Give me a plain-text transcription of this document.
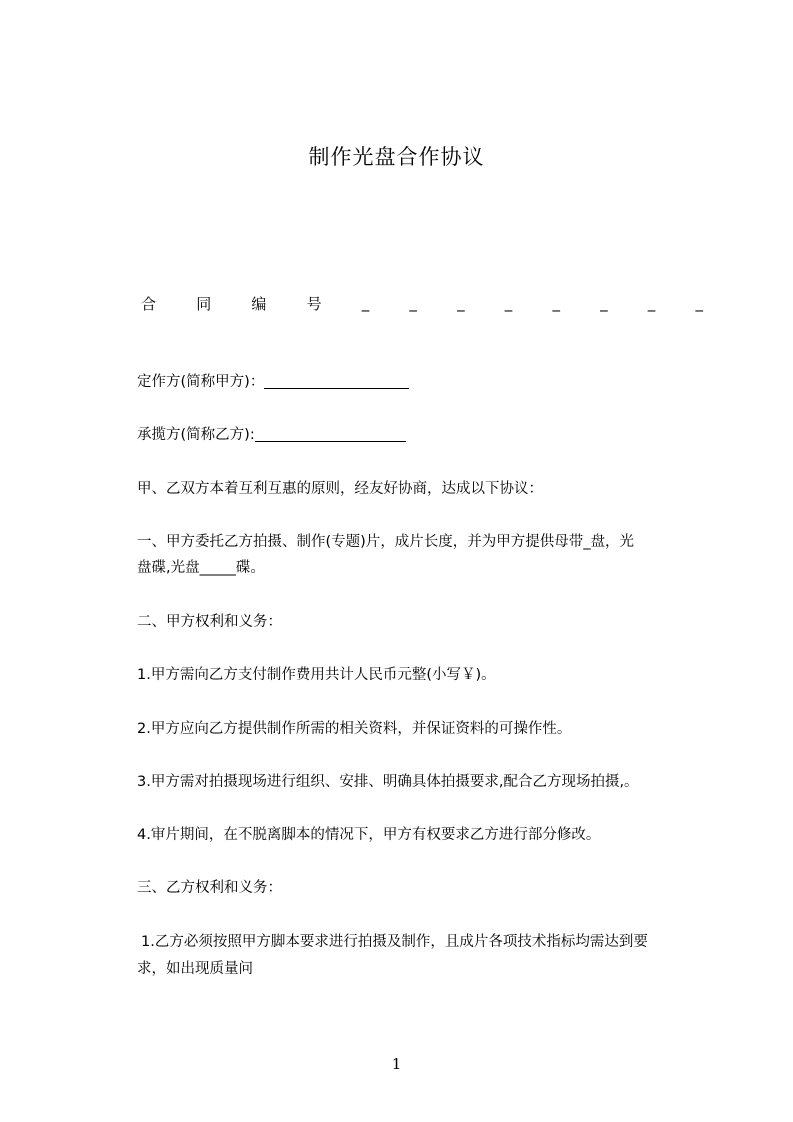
制作光盘合作协议
合	同	编	号	_	_	_	_	_	_	_	_
定作方(简称甲方)：
承揽方(简称乙方):
甲、乙双方本着互利互惠的原则，经友好协商，达成以下协议：
一、甲方委托乙方拍摄、制作(专题)片，成片长度，并为甲方提供母带_盘，光
盘碟,光盘_____碟。
二、甲方权利和义务：
1.甲方需向乙方支付制作费用共计人民币元整(小写￥)。
2.甲方应向乙方提供制作所需的相关资料，并保证资料的可操作性。
3.甲方需对拍摄现场进行组织、安排、明确具体拍摄要求,配合乙方现场拍摄,。
4.审片期间，在不脱离脚本的情况下，甲方有权要求乙方进行部分修改。
三、乙方权利和义务：
1.乙方必须按照甲方脚本要求进行拍摄及制作，且成片各项技术指标均需达到要
求，如出现质量问
1
